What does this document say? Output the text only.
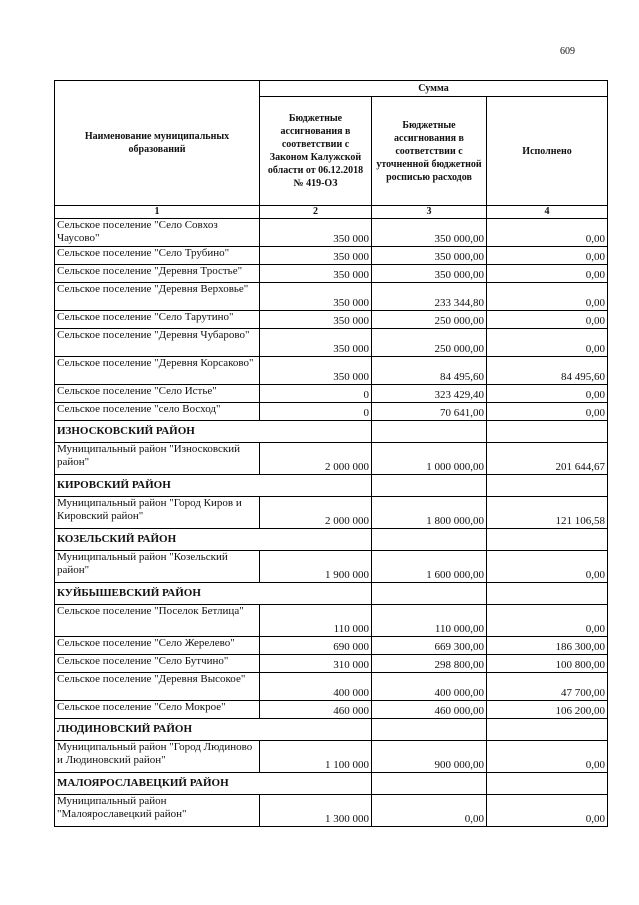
609
Наименование муниципальных образований	Сумма		
	Бюджетные ассигнования в соответствии с Законом Калужской области от 06.12.2018 № 419-ОЗ	Бюджетные ассигнования в соответствии с уточненной бюджетной росписью расходов	Исполнено
1	2	3	4
Сельское поселение "Село Совхоз Чаусово"	350 000	350 000,00	0,00
Сельское поселение "Село Трубино"	350 000	350 000,00	0,00
Сельское поселение "Деревня Тростье"	350 000	350 000,00	0,00
Сельское поселение "Деревня Верховье"	350 000	233 344,80	0,00
Сельское поселение "Село Тарутино"	350 000	250 000,00	0,00
Сельское поселение "Деревня Чубарово"	350 000	250 000,00	0,00
Сельское поселение "Деревня Корсаково"	350 000	84 495,60	84 495,60
Сельское поселение "Село Истье"	0	323 429,40	0,00
Сельское поселение "село Восход"	0	70 641,00	0,00
ИЗНОСКОВСКИЙ РАЙОН			
Муниципальный район "Износковский район"	2 000 000	1 000 000,00	201 644,67
КИРОВСКИЙ РАЙОН			
Муниципальный район "Город Киров и Кировский район"	2 000 000	1 800 000,00	121 106,58
КОЗЕЛЬСКИЙ РАЙОН			
Муниципальный район "Козельский район"	1 900 000	1 600 000,00	0,00
КУЙБЫШЕВСКИЙ РАЙОН			
Сельское поселение "Поселок Бетлица"	110 000	110 000,00	0,00
Сельское поселение "Село Жерелево"	690 000	669 300,00	186 300,00
Сельское поселение "Село Бутчино"	310 000	298 800,00	100 800,00
Сельское поселение "Деревня Высокое"	400 000	400 000,00	47 700,00
Сельское поселение "Село Мокрое"	460 000	460 000,00	106 200,00
ЛЮДИНОВСКИЙ РАЙОН			
Муниципальный район "Город Людиново и Людиновский район"	1 100 000	900 000,00	0,00
МАЛОЯРОСЛАВЕЦКИЙ РАЙОН			
Муниципальный район "Малоярославецкий район"	1 300 000	0,00	0,00
